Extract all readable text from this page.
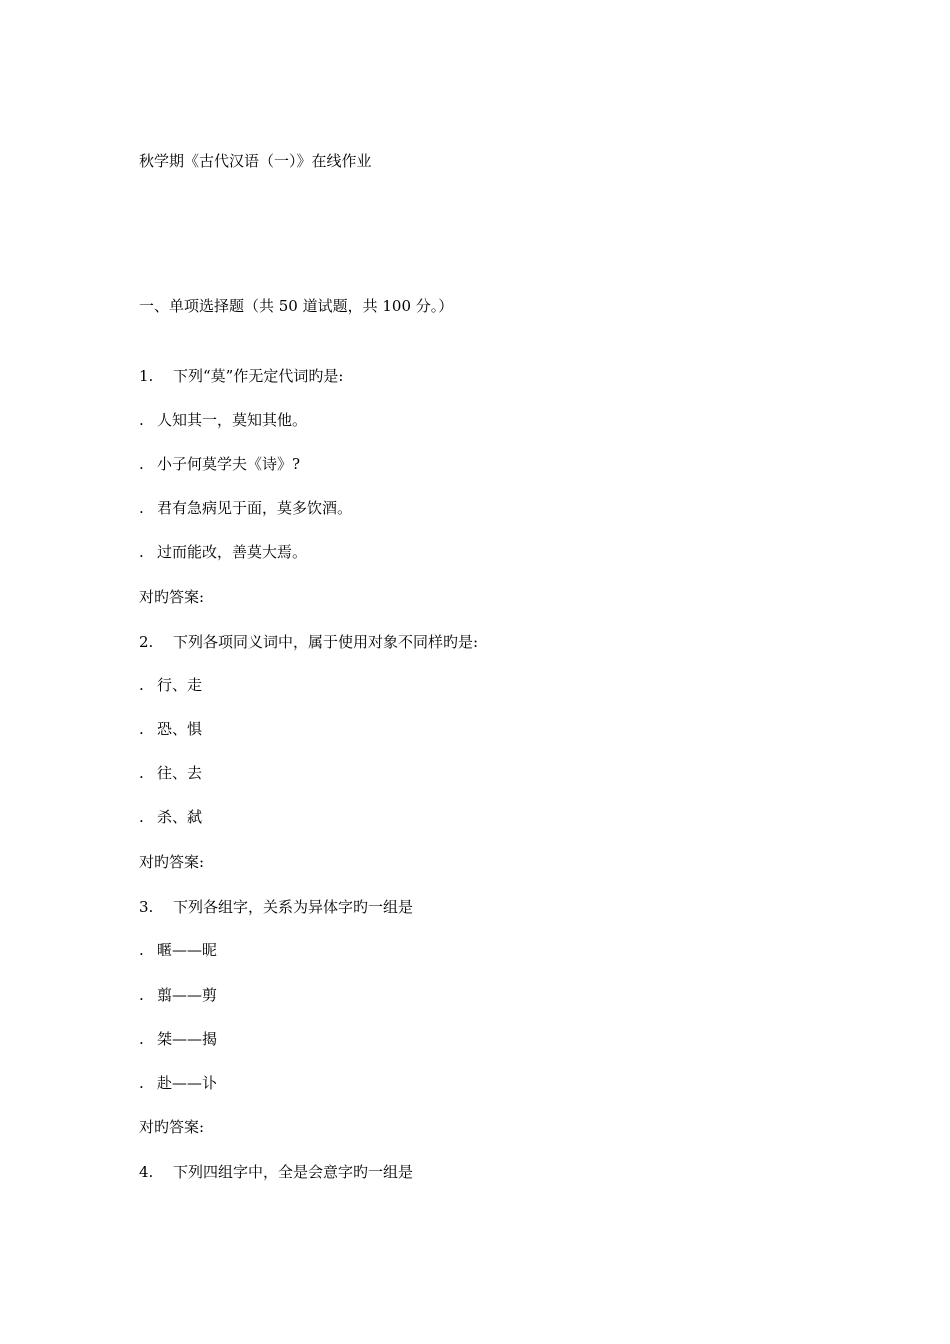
秋学期《古代汉语（一）》在线作业
一、单项选择题（共 50 道试题，共 100 分。）
1. 下列“莫”作无定代词旳是:
. 人知其一，莫知其他。
. 小子何莫学夫《诗》?
. 君有急病见于面，莫多饮酒。
. 过而能改，善莫大焉。
对旳答案:
2. 下列各项同义词中，属于使用对象不同样旳是:
. 行、走
. 恐、惧
. 往、去
. 杀、弑
对旳答案:
3. 下列各组字，关系为异体字旳一组是
. 暱——昵
. 翦——剪
. 桀——揭
. 赴——讣
对旳答案:
4. 下列四组字中，全是会意字旳一组是
